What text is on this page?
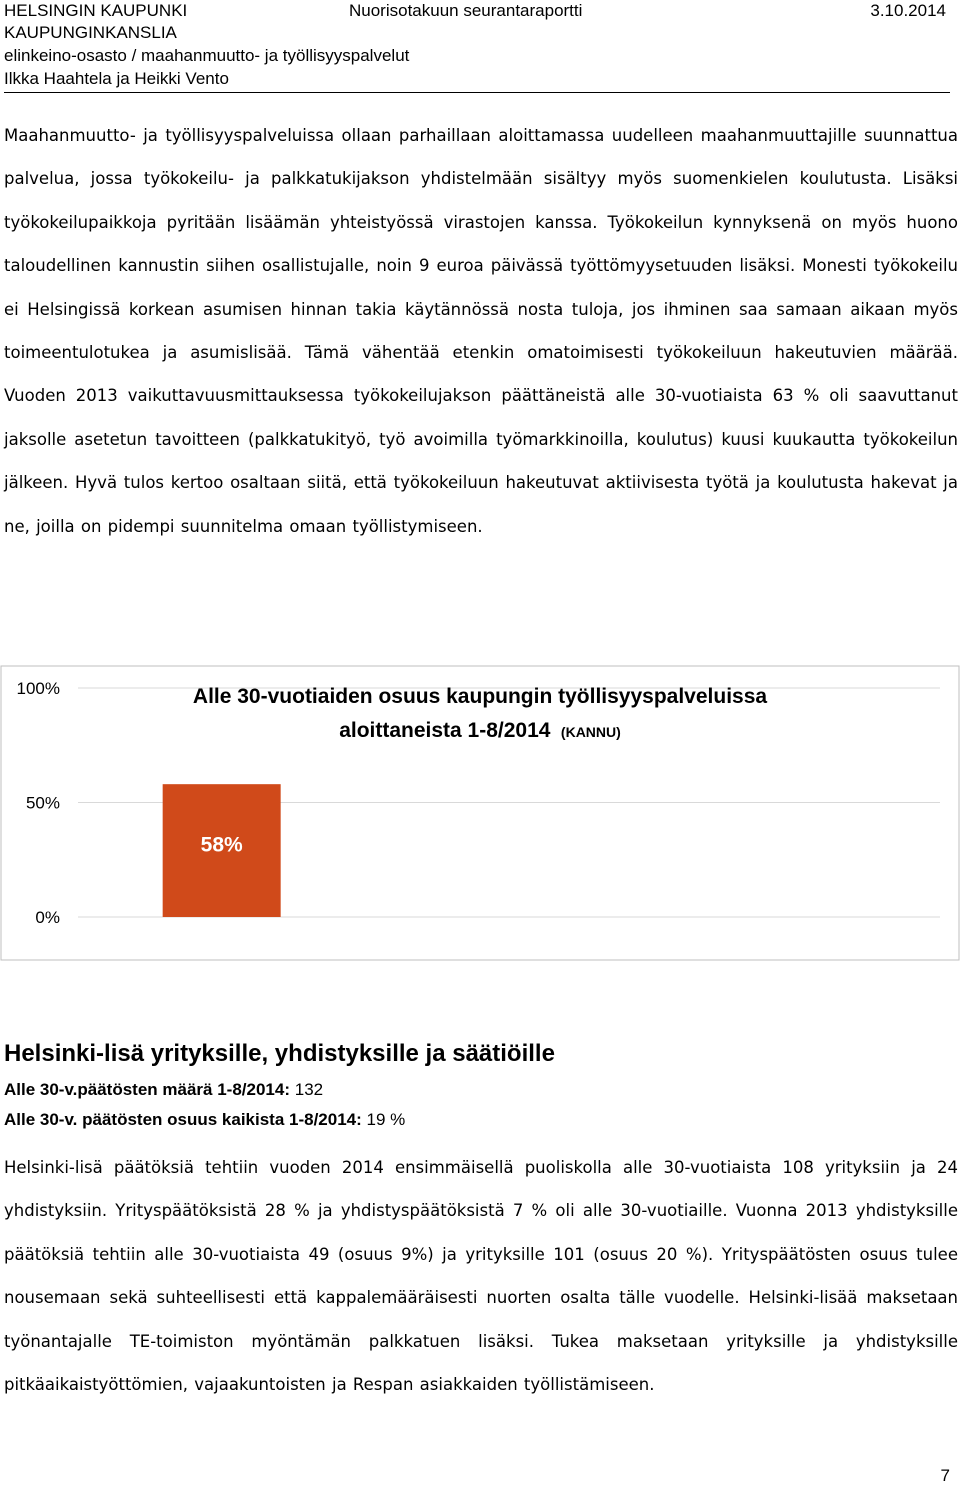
HELSINGIN KAUPUNKI	Nuorisotakuun seurantaraportti	3.10.2014
KAUPUNGINKANSLIA
elinkeino-osasto / maahanmuutto- ja työllisyyspalvelut
Ilkka Haahtela ja Heikki Vento

Maahanmuutto- ja työllisyyspalveluissa ollaan parhaillaan aloittamassa uudelleen maahanmuuttajille suunnattua palvelua, jossa työkokeilu- ja palkkatukijakson yhdistelmään sisältyy myös suomenkielen koulutusta. Lisäksi työkokeilupaikkoja pyritään lisäämän yhteistyössä virastojen kanssa. Työkokeilun kynnyksenä on myös huono taloudellinen kannustin siihen osallistujalle, noin 9 euroa päivässä työttömyysetuuden lisäksi. Monesti työkokeilu ei Helsingissä korkean asumisen hinnan takia käytännössä nosta tuloja, jos ihminen saa samaan aikaan myös toimeentulotukea ja asumislisää. Tämä vähentää etenkin omatoimisesti työkokeiluun hakeutuvien määrää. Vuoden 2013 vaikuttavuusmittauksessa työkokeilujakson päättäneistä alle 30-vuotiaista 63 % oli saavuttanut jaksolle asetetun tavoitteen (palkkatukityö, työ avoimilla työmarkkinoilla, koulutus) kuusi kuukautta työkokeilun jälkeen. Hyvä tulos kertoo osaltaan siitä, että työkokeiluun hakeutuvat aktiivisesta työtä ja koulutusta hakevat ja ne, joilla on pidempi suunnitelma omaan työllistymiseen.

0%
50%
100%
58%
Alle 30-vuotiaiden osuus kaupungin työllisyyspalveluissa
aloittaneista 1-8/2014 (KANNU)
Helsinki-lisä yrityksille, yhdistyksille ja säätiöille
Alle 30-v.päätösten määrä 1-8/2014: 132
Alle 30-v. päätösten osuus kaikista 1-8/2014: 19 %

Helsinki-lisä päätöksiä tehtiin vuoden 2014 ensimmäisellä puoliskolla alle 30-vuotiaista 108 yrityksiin ja 24 yhdistyksiin. Yrityspäätöksistä 28 % ja yhdistyspäätöksistä 7 % oli alle 30-vuotiaille. Vuonna 2013 yhdistyksille päätöksiä tehtiin alle 30-vuotiaista 49 (osuus 9%) ja yrityksille 101 (osuus 20 %). Yrityspäätösten osuus tulee nousemaan sekä suhteellisesti että kappalemääräisesti nuorten osalta tälle vuodelle. Helsinki-lisää maksetaan työnantajalle TE-toimiston myöntämän palkkatuen lisäksi. Tukea maksetaan yrityksille ja yhdistyksille pitkäaikaistyöttömien, vajaakuntoisten ja Respan asiakkaiden työllistämiseen.

7
